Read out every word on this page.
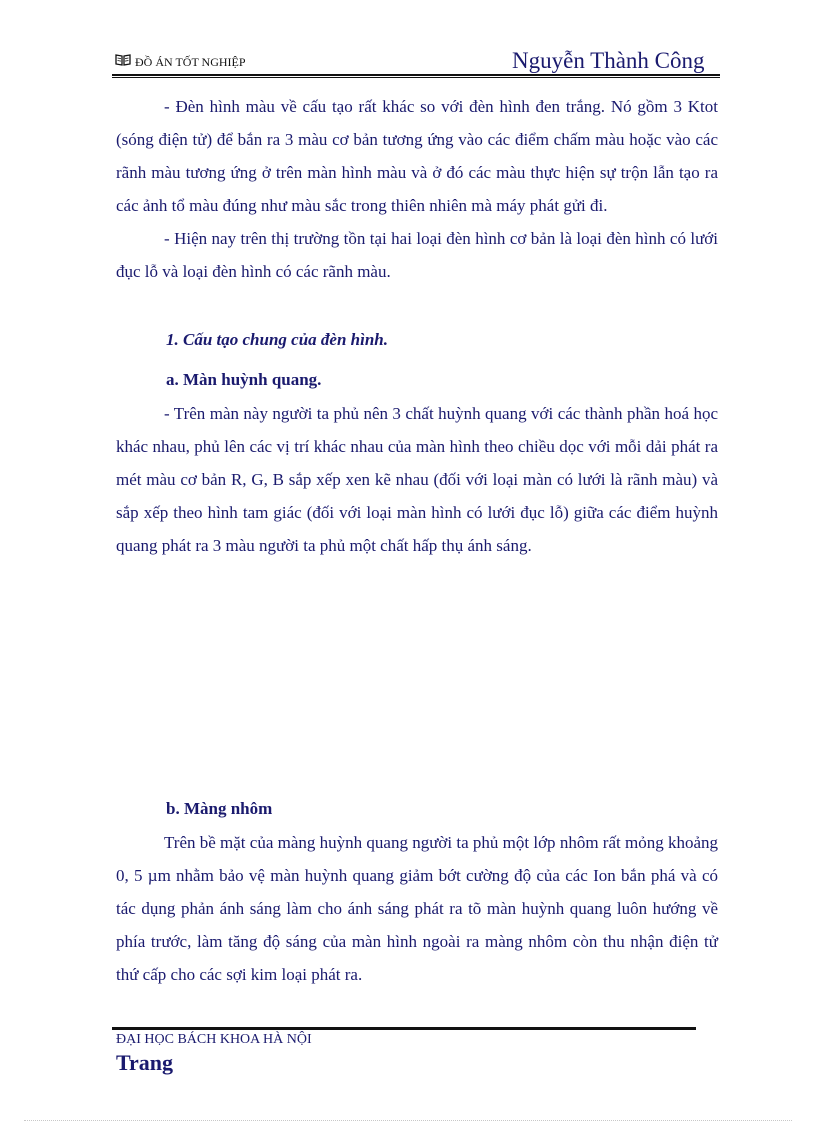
ĐỒ ÁN TỐT NGHIỆP	Nguyễn Thành Công

- Đèn hình màu về cấu tạo rất khác so với đèn hình đen trắng. Nó gồm 3 Ktot (sóng điện tử) để bắn ra 3 màu cơ bản tương ứng vào các điểm chấm màu hoặc vào các rãnh màu tương ứng ở trên màn hình màu và ở đó các màu thực hiện sự trộn lẫn tạo ra các ảnh tổ màu đúng như màu sắc trong thiên nhiên mà máy phát gửi đi.

- Hiện nay trên thị trường tồn tại hai loại đèn hình cơ bản là loại đèn hình có lưới đục lỗ và loại đèn hình có các rãnh màu.

1. Cấu tạo chung của đèn hình.
a. Màn huỳnh quang.

- Trên màn này người ta phủ nên 3 chất huỳnh quang với các thành phần hoá học khác nhau, phủ lên các vị trí khác nhau của màn hình theo chiều dọc với mỗi dải phát ra mét màu cơ bản R, G, B sắp xếp xen kẽ nhau (đối với loại màn có lưới là rãnh màu) và sắp xếp theo hình tam giác (đối với loại màn hình có lưới đục lỗ) giữa các điểm huỳnh quang phát ra 3 màu người ta phủ một chất hấp thụ ánh sáng.

b. Màng nhôm

Trên bề mặt của màng huỳnh quang người ta phủ một lớp nhôm rất mỏng khoảng 0, 5 µm nhằm bảo vệ màn huỳnh quang giảm bớt cường độ của các Ion bắn phá và có tác dụng phản ánh sáng làm cho ánh sáng phát ra tõ màn huỳnh quang luôn hướng về phía trước, làm tăng độ sáng của màn hình ngoài ra màng nhôm còn thu nhận điện tử thứ cấp cho các sợi kim loại phát ra.

ĐẠI HỌC BÁCH KHOA HÀ NỘI
Trang
